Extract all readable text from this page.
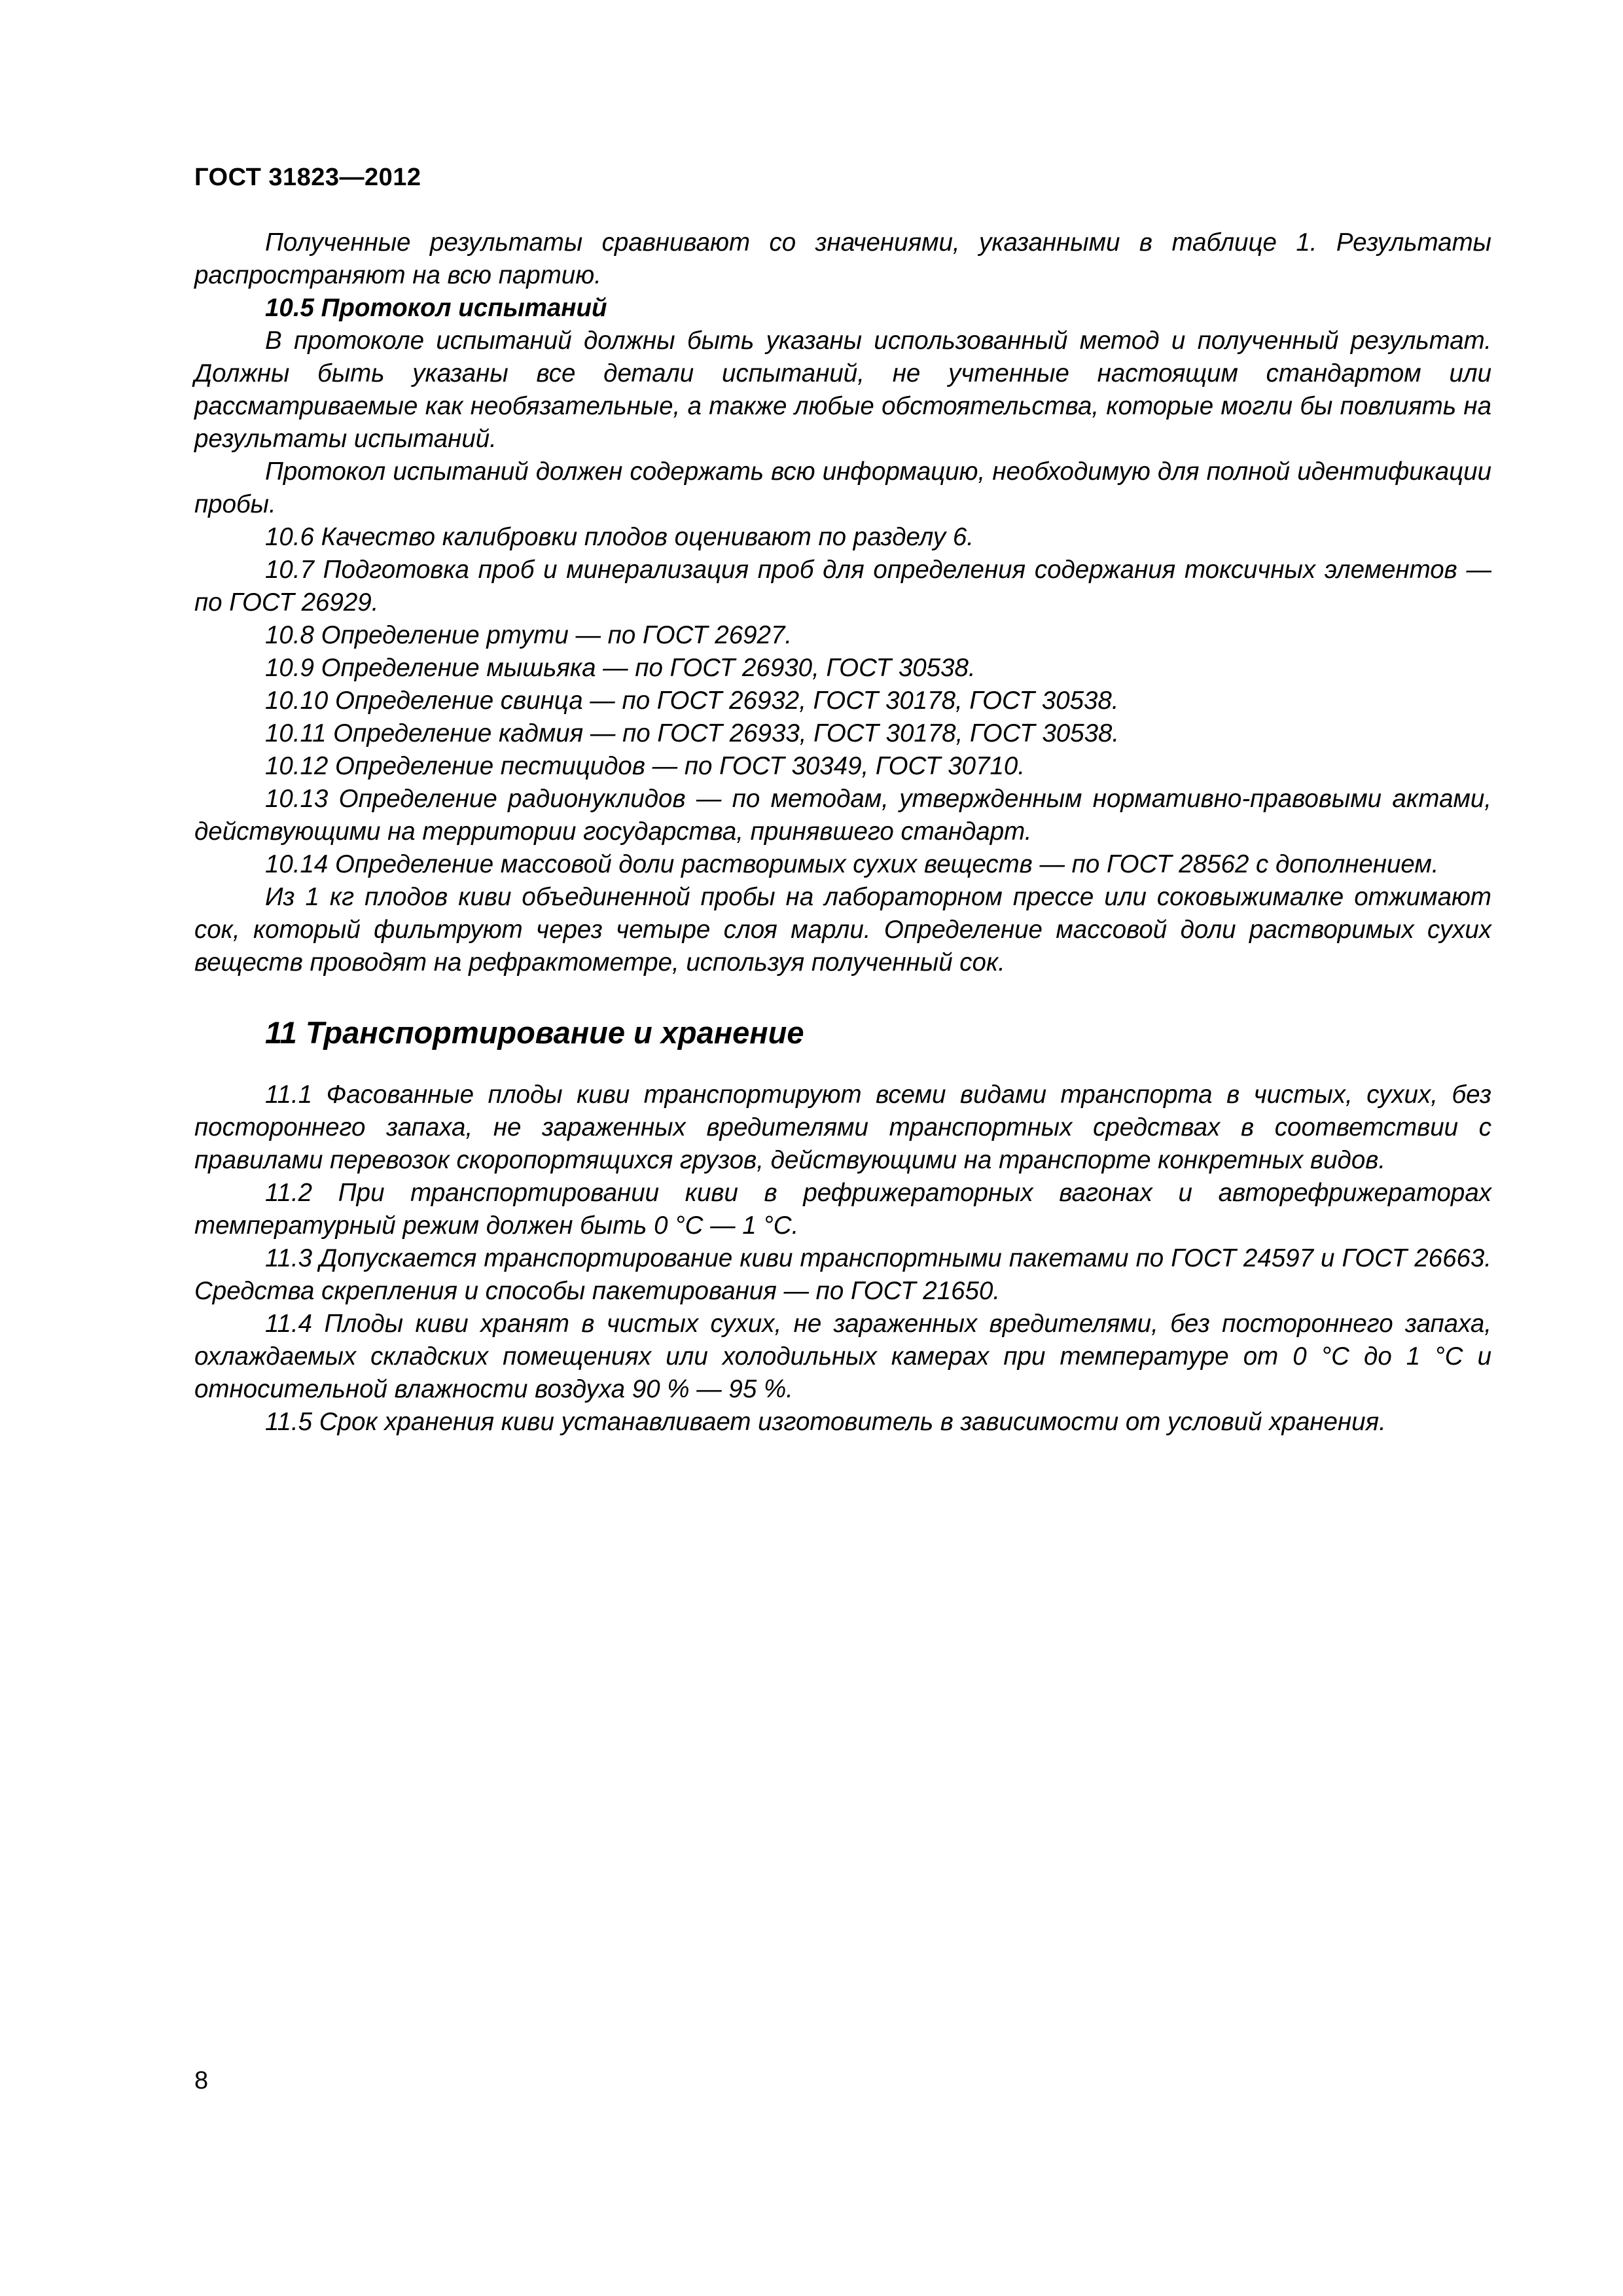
ГОСТ 31823—2012

Полученные результаты сравнивают со значениями, указанными в таблице 1. Результаты распространяют на всю партию.

10.5 Протокол испытаний

В протоколе испытаний должны быть указаны использованный метод и полученный результат. Должны быть указаны все детали испытаний, не учтенные настоящим стандартом или рассматриваемые как необязательные, а также любые обстоятельства, которые могли бы повлиять на результаты испытаний.

Протокол испытаний должен содержать всю информацию, необходимую для полной идентификации пробы.

10.6 Качество калибровки плодов оценивают по разделу 6.

10.7 Подготовка проб и минерализация проб для определения содержания токсичных элементов — по ГОСТ 26929.

10.8 Определение ртути — по ГОСТ 26927.

10.9 Определение мышьяка — по ГОСТ 26930, ГОСТ 30538.

10.10 Определение свинца — по ГОСТ 26932, ГОСТ 30178, ГОСТ 30538.

10.11 Определение кадмия — по ГОСТ 26933, ГОСТ 30178, ГОСТ 30538.

10.12 Определение пестицидов — по ГОСТ 30349, ГОСТ 30710.

10.13 Определение радионуклидов — по методам, утвержденным нормативно-правовыми актами, действующими на территории государства, принявшего стандарт.

10.14 Определение массовой доли растворимых сухих веществ — по ГОСТ 28562 с дополнением.

Из 1 кг плодов киви объединенной пробы на лабораторном прессе или соковыжималке отжимают сок, который фильтруют через четыре слоя марли. Определение массовой доли растворимых сухих веществ проводят на рефрактометре, используя полученный сок.

11 Транспортирование и хранение

11.1 Фасованные плоды киви транспортируют всеми видами транспорта в чистых, сухих, без постороннего запаха, не зараженных вредителями транспортных средствах в соответствии с правилами перевозок скоропортящихся грузов, действующими на транспорте конкретных видов.

11.2 При транспортировании киви в рефрижераторных вагонах и авторефрижераторах температурный режим должен быть 0 °С — 1 °С.

11.3 Допускается транспортирование киви транспортными пакетами по ГОСТ 24597 и ГОСТ 26663. Средства скрепления и способы пакетирования — по ГОСТ 21650.

11.4 Плоды киви хранят в чистых сухих, не зараженных вредителями, без постороннего запаха, охлаждаемых складских помещениях или холодильных камерах при температуре от 0 °С до 1 °С и относительной влажности воздуха 90 % — 95 %.

11.5 Срок хранения киви устанавливает изготовитель в зависимости от условий хранения.

8
